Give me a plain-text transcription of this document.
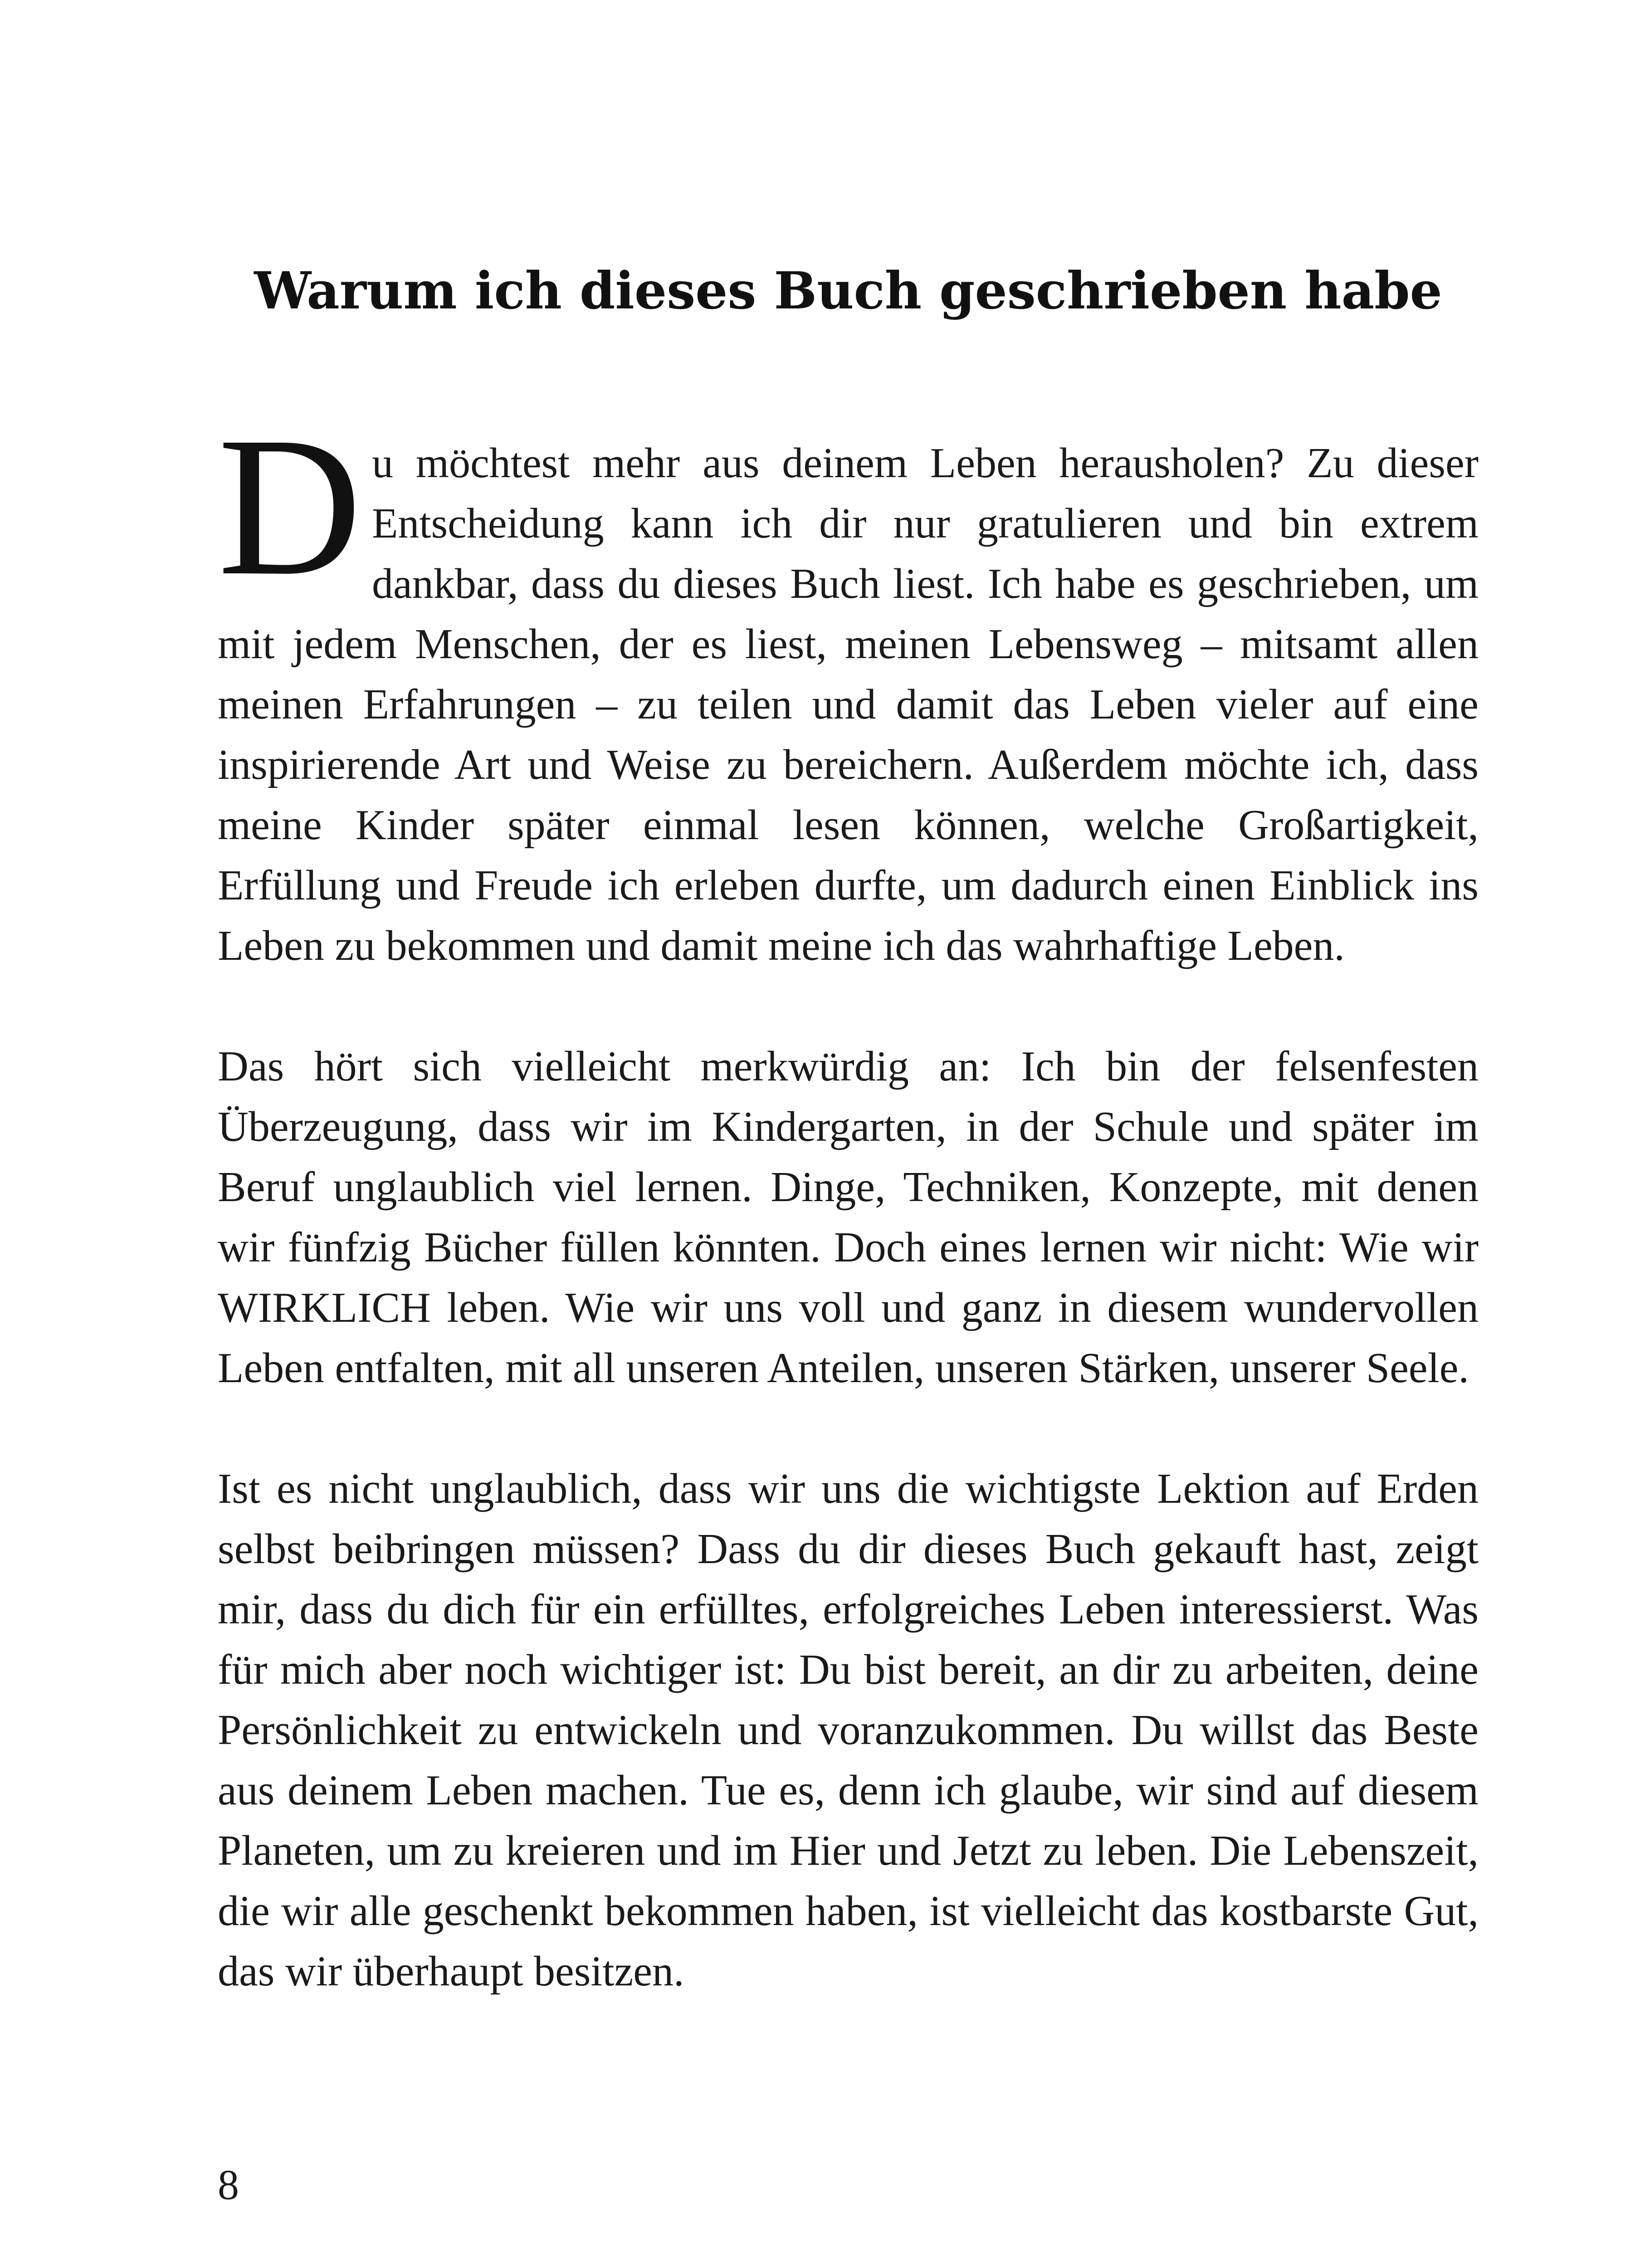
Warum ich dieses Buch geschrieben habe

D u möchtest mehr aus deinem Leben herausholen? Zu dieser Entscheidung kann ich dir nur gratulieren und bin extrem dankbar, dass du dieses Buch liest. Ich habe es geschrieben, um mit jedem Menschen, der es liest, meinen Lebensweg – mitsamt allen meinen Erfahrungen – zu teilen und damit das Leben vieler auf eine inspirierende Art und Weise zu bereichern. Außerdem möchte ich, dass meine Kinder später einmal lesen können, welche Großartigkeit, Erfüllung und Freude ich erleben durfte, um dadurch einen Einblick ins Leben zu bekommen und damit meine ich das wahrhaftige Leben.

Das hört sich vielleicht merkwürdig an: Ich bin der felsenfesten Überzeugung, dass wir im Kindergarten, in der Schule und später im Beruf unglaublich viel lernen. Dinge, Techniken, Konzepte, mit denen wir fünfzig Bücher füllen könnten. Doch eines lernen wir nicht: Wie wir WIRKLICH leben. Wie wir uns voll und ganz in diesem wundervollen Leben entfalten, mit all unseren Anteilen, unseren Stärken, unserer Seele.

Ist es nicht unglaublich, dass wir uns die wichtigste Lektion auf Erden selbst beibringen müssen? Dass du dir dieses Buch gekauft hast, zeigt mir, dass du dich für ein erfülltes, erfolgreiches Leben interessierst. Was für mich aber noch wichtiger ist: Du bist bereit, an dir zu arbeiten, deine Persönlichkeit zu entwickeln und voranzukommen. Du willst das Beste aus deinem Leben machen. Tue es, denn ich glaube, wir sind auf diesem Planeten, um zu kreieren und im Hier und Jetzt zu leben. Die Lebenszeit, die wir alle geschenkt bekommen haben, ist vielleicht das kostbarste Gut, das wir überhaupt besitzen.

8
